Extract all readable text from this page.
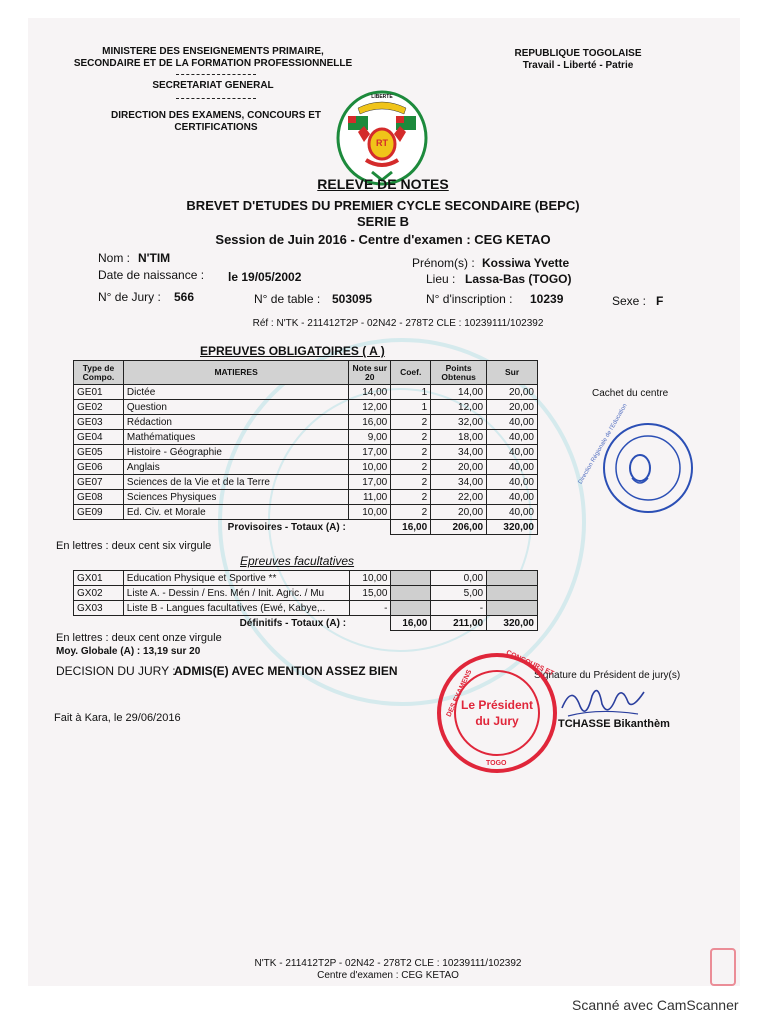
MINISTERE DES ENSEIGNEMENTS PRIMAIRE,
SECONDAIRE ET DE LA FORMATION PROFESSIONNELLE
SECRETARIAT GENERAL
DIRECTION DES EXAMENS, CONCOURS ET
CERTIFICATIONS
REPUBLIQUE TOGOLAISE
Travail - Liberté - Patrie
LIBERTE
RT
RELEVE DE NOTES
BREVET D'ETUDES DU PREMIER CYCLE SECONDAIRE (BEPC)
SERIE B
Session de Juin 2016 - Centre d'examen : CEG KETAO
Nom : N'TIM	Prénom(s) : Kossiwa Yvette
Date de naissance : le 19/05/2002	Lieu : Lassa-Bas (TOGO)
N° de Jury : 566	N° de table : 503095	N° d'inscription : 10239	Sexe : F
Réf : N'TK - 211412T2P - 02N42 - 278T2 CLE : 10239111/102392
EPREUVES OBLIGATOIRES ( A )
Type de Compo.	MATIERES	Note sur 20	Coef.	Points Obtenus	Sur
GE01	Dictée	14,00	1	14,00	20,00
GE02	Question	12,00	1	12,00	20,00
GE03	Rédaction	16,00	2	32,00	40,00
GE04	Mathématiques	9,00	2	18,00	40,00
GE05	Histoire - Géographie	17,00	2	34,00	40,00
GE06	Anglais	10,00	2	20,00	40,00
GE07	Sciences de la Vie et de la Terre	17,00	2	34,00	40,00
GE08	Sciences Physiques	11,00	2	22,00	40,00
GE09	Ed. Civ. et Morale	10,00	2	20,00	40,00
Provisoires - Totaux (A) :			16,00	206,00	320,00
En lettres : deux cent six virgule
Epreuves facultatives
GX01	Education Physique et Sportive **	10,00		0,00	
GX02	Liste A. - Dessin / Ens. Mén / Init. Agric. / Mu	15,00		5,00	
GX03	Liste B - Langues facultatives (Ewé, Kabye,..	-		-	
Définitifs - Totaux (A) :			16,00	211,00	320,00
En lettres : deux cent onze virgule
Moy. Globale (A) : 13,19 sur 20
DECISION DU JURY :
ADMIS(E) AVEC MENTION ASSEZ BIEN
Fait à Kara, le 29/06/2016
Cachet du centre
Direction Régionale de l'Education
Signature du Président de jury(s)
TCHASSE Bikanthèm
CONCOURS ET
DES EXAMENS
TOGO
Le Président
du Jury
N'TK - 211412T2P - 02N42 - 278T2 CLE : 10239111/102392
Centre d'examen : CEG KETAO
Scanné avec CamScanner
